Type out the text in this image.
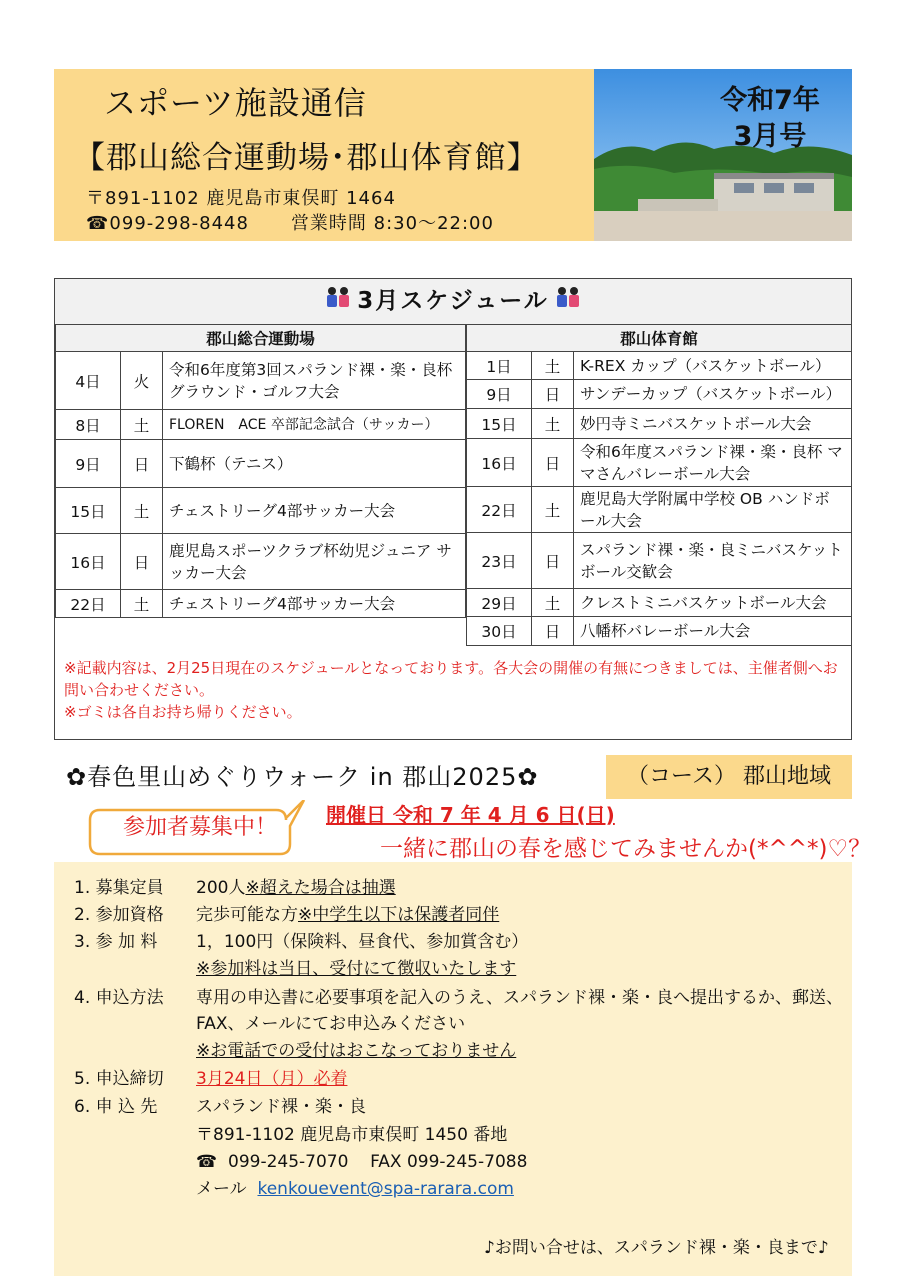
スポーツ施設通信
【郡山総合運動場･郡山体育館】
〒891-1102 鹿児島市東俣町 1464
☎099-298-8448 営業時間 8:30～22:00
令和7年
3月号
3月スケジュール
郡山総合運動場		
4日	火	令和6年度第3回スパランド裸・楽・良杯 グラウンド・ゴルフ大会
8日	土	FLOREN　ACE 卒部記念試合（サッカー）
9日	日	下鶴杯（テニス）
15日	土	チェストリーグ4部サッカー大会
16日	日	鹿児島スポーツクラブ杯幼児ジュニア サッカー大会
22日	土	チェストリーグ4部サッカー大会
郡山体育館		
1日	土	K-REX カップ（バスケットボール）
9日	日	サンデーカップ（バスケットボール）
15日	土	妙円寺ミニバスケットボール大会
16日	日	令和6年度スパランド裸・楽・良杯 ママさんバレーボール大会
22日	土	鹿児島大学附属中学校 OB ハンドボール大会
23日	日	スパランド裸・楽・良ミニバスケット ボール交歓会
29日	土	クレストミニバスケットボール大会
30日	日	八幡杯バレーボール大会
※記載内容は、2月25日現在のスケジュールとなっております。各大会の開催の有無につきましては、主催者側へお問い合わせください。
※ゴミは各自お持ち帰りください。
✿春色里山めぐりウォーク in 郡山2025✿	（コース） 郡山地域
参加者募集中！	開催日 令和 7 年 4 月 6 日(日)
一緒に郡山の春を感じてみませんか(*^^*)♡？
1. 募集定員 200人※超えた場合は抽選
2. 参加資格 完歩可能な方※中学生以下は保護者同伴
3. 参 加 料 1，100円（保険料、昼食代、参加賞含む）
※参加料は当日、受付にて徴収いたします
4. 申込方法 専用の申込書に必要事項を記入のうえ、スパランド裸・楽・良へ提出するか、郵送、
FAX、メールにてお申込みください
※お電話での受付はおこなっておりません
5. 申込締切 3月24日（月）必着
6. 申 込 先 スパランド裸・楽・良
〒891-1102 鹿児島市東俣町 1450 番地
☎ 099-245-7070 FAX 099-245-7088
メール kenkouevent@spa-rarara.com
♪お問い合せは、スパランド裸・楽・良まで♪
